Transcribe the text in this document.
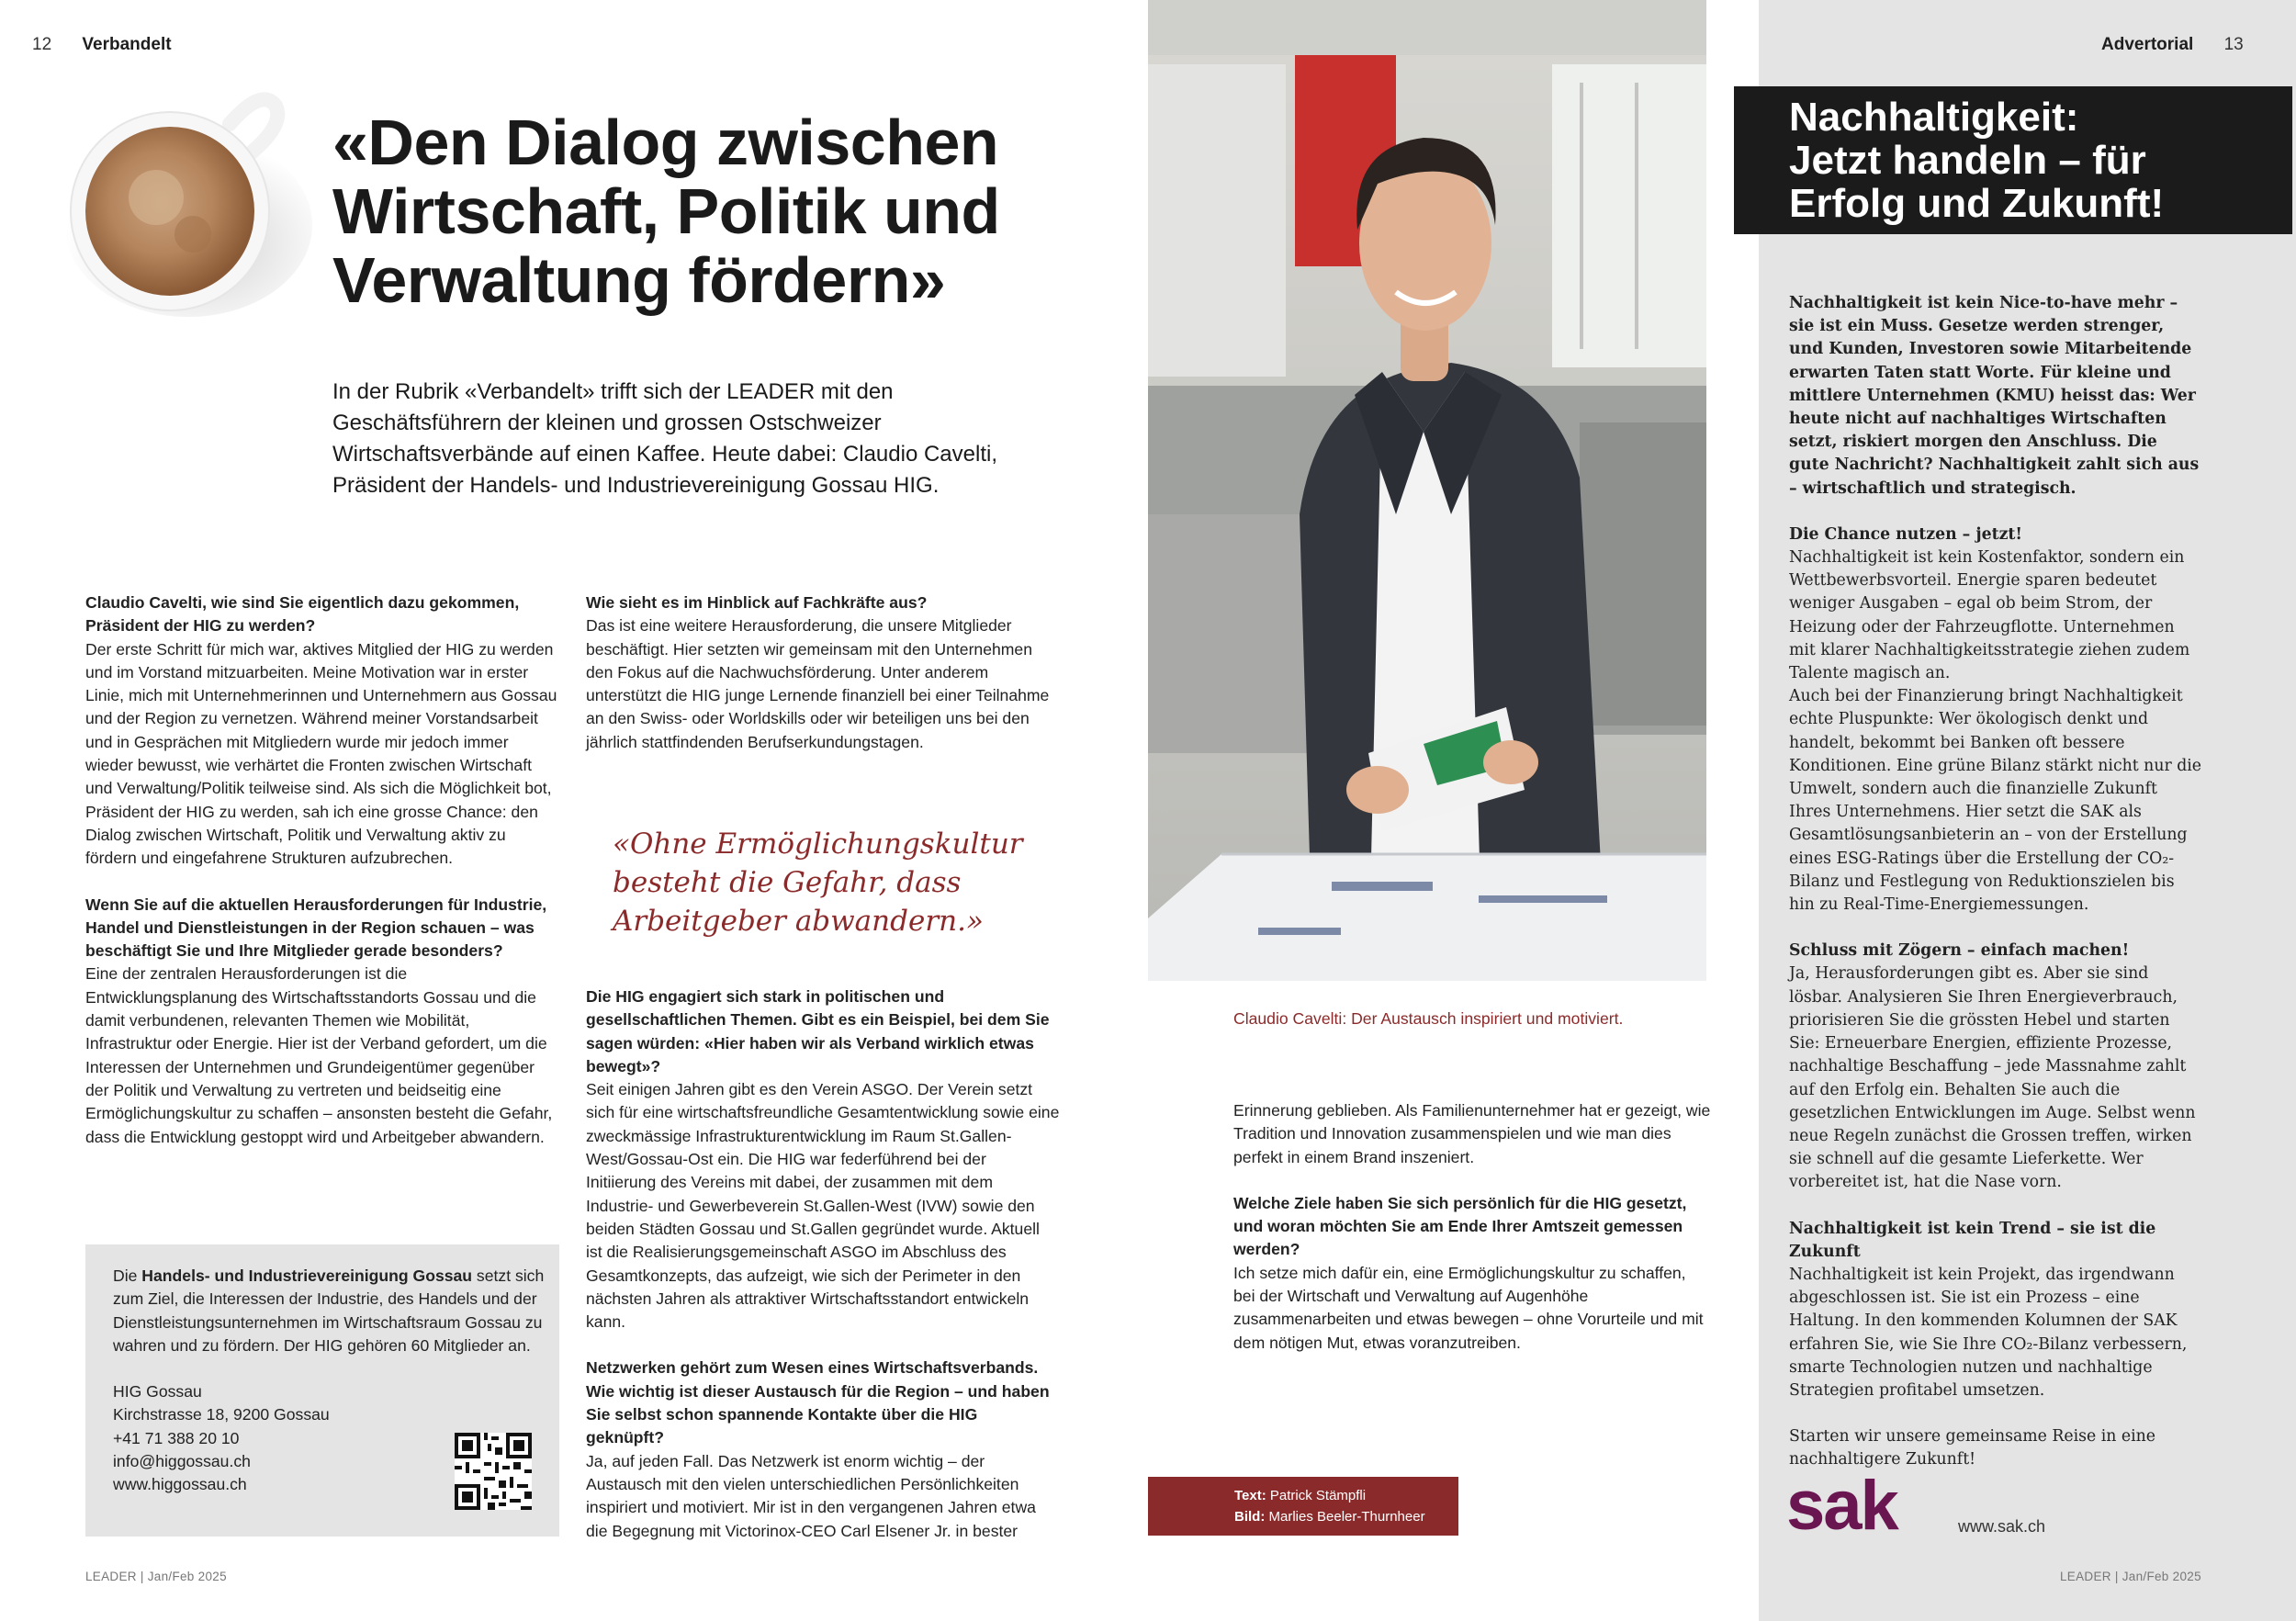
12 Verbandelt	Advertorial 13
«Den Dialog zwischen Wirtschaft, Politik und Verwaltung fördern»
In der Rubrik «Verbandelt» trifft sich der LEADER mit den Geschäftsführern der kleinen und grossen Ostschweizer Wirtschaftsverbände auf einen Kaffee. Heute dabei: Claudio Cavelti, Präsident der Handels- und Industrievereinigung Gossau HIG.

Claudio Cavelti, wie sind Sie eigentlich dazu gekommen, Präsident der HIG zu werden?
Der erste Schritt für mich war, aktives Mitglied der HIG zu werden und im Vorstand mitzuarbeiten. Meine Motivation war in erster Linie, mich mit Unternehmerinnen und Unternehmern aus Gossau und der Region zu vernetzen. Während meiner Vorstandsarbeit und in Gesprächen mit Mitgliedern wurde mir jedoch immer wieder bewusst, wie verhärtet die Fronten zwischen Wirtschaft und Verwaltung/Politik teilweise sind. Als sich die Möglichkeit bot, Präsident der HIG zu werden, sah ich eine grosse Chance: den Dialog zwischen Wirtschaft, Politik und Verwaltung aktiv zu fördern und eingefahrene Strukturen aufzubrechen.

Wenn Sie auf die aktuellen Herausforderungen für Industrie, Handel und Dienstleistungen in der Region schauen – was beschäftigt Sie und Ihre Mitglieder gerade besonders?
Eine der zentralen Herausforderungen ist die Entwicklungsplanung des Wirtschaftsstandorts Gossau und die damit verbundenen, relevanten Themen wie Mobilität, Infrastruktur oder Energie. Hier ist der Verband gefordert, um die Interessen der Unternehmen und Grundeigentümer gegenüber der Politik und Verwaltung zu vertreten und beidseitig eine Ermöglichungskultur zu schaffen – ansonsten besteht die Gefahr, dass die Entwicklung gestoppt wird und Arbeitgeber abwandern.

Die Handels- und Industrievereinigung Gossau setzt sich zum Ziel, die Interessen der Industrie, des Handels und der Dienstleistungsunternehmen im Wirtschaftsraum Gossau zu wahren und zu fördern. Der HIG gehören 60 Mitglieder an.
HIG Gossau
Kirchstrasse 18, 9200 Gossau
+41 71 388 20 10
info@higgossau.ch
www.higgossau.ch

Wie sieht es im Hinblick auf Fachkräfte aus?
Das ist eine weitere Herausforderung, die unsere Mitglieder beschäftigt. Hier setzten wir gemeinsam mit den Unternehmen den Fokus auf die Nachwuchsförderung. Unter anderem unterstützt die HIG junge Lernende finanziell bei einer Teilnahme an den Swiss- oder Worldskills oder wir beteiligen uns bei den jährlich stattfindenden Berufserkundungstagen.

«Ohne Ermöglichungskultur besteht die Gefahr, dass Arbeitgeber abwandern.»

Die HIG engagiert sich stark in politischen und gesellschaftlichen Themen. Gibt es ein Beispiel, bei dem Sie sagen würden: «Hier haben wir als Verband wirklich etwas bewegt»?
Seit einigen Jahren gibt es den Verein ASGO. Der Verein setzt sich für eine wirtschaftsfreundliche Gesamtentwicklung sowie eine zweckmässige Infrastrukturentwicklung im Raum St.Gallen-West/Gossau-Ost ein. Die HIG war federführend bei der Initiierung des Vereins mit dabei, der zusammen mit dem Industrie- und Gewerbeverein St.Gallen-West (IVW) sowie den beiden Städten Gossau und St.Gallen gegründet wurde. Aktuell ist die Realisierungsgemeinschaft ASGO im Abschluss des Gesamtkonzepts, das aufzeigt, wie sich der Perimeter in den nächsten Jahren als attraktiver Wirtschaftsstandort entwickeln kann.

Netzwerken gehört zum Wesen eines Wirtschaftsverbands. Wie wichtig ist dieser Austausch für die Region – und haben Sie selbst schon spannende Kontakte über die HIG geknüpft?
Ja, auf jeden Fall. Das Netzwerk ist enorm wichtig – der Austausch mit den vielen unterschiedlichen Persönlichkeiten inspiriert und motiviert. Mir ist in den vergangenen Jahren etwa die Begegnung mit Victorinox-CEO Carl Elsener Jr. in bester

Claudio Cavelti: Der Austausch inspiriert und motiviert.

Erinnerung geblieben. Als Familienunternehmer hat er gezeigt, wie Tradition und Innovation zusammenspielen und wie man dies perfekt in einem Brand inszeniert.

Welche Ziele haben Sie sich persönlich für die HIG gesetzt, und woran möchten Sie am Ende Ihrer Amtszeit gemessen werden?
Ich setze mich dafür ein, eine Ermöglichungskultur zu schaffen, bei der Wirtschaft und Verwaltung auf Augenhöhe zusammenarbeiten und etwas bewegen – ohne Vorurteile und mit dem nötigen Mut, etwas voranzutreiben.

Text: Patrick Stämpfli
Bild: Marlies Beeler-Thurnheer
Nachhaltigkeit:
Jetzt handeln – für
Erfolg und Zukunft!

Nachhaltigkeit ist kein Nice-to-have mehr – sie ist ein Muss. Gesetze werden strenger, und Kunden, Investoren sowie Mitarbeitende erwarten Taten statt Worte. Für kleine und mittlere Unternehmen (KMU) heisst das: Wer heute nicht auf nachhaltiges Wirtschaften setzt, riskiert morgen den Anschluss. Die gute Nachricht? Nachhaltigkeit zahlt sich aus – wirtschaftlich und strategisch.

Die Chance nutzen – jetzt!
Nachhaltigkeit ist kein Kostenfaktor, sondern ein Wettbewerbsvorteil. Energie sparen bedeutet weniger Ausgaben – egal ob beim Strom, der Heizung oder der Fahrzeugflotte. Unternehmen mit klarer Nachhaltigkeitsstrategie ziehen zudem Talente magisch an.
Auch bei der Finanzierung bringt Nachhaltigkeit echte Pluspunkte: Wer ökologisch denkt und handelt, bekommt bei Banken oft bessere Konditionen. Eine grüne Bilanz stärkt nicht nur die Umwelt, sondern auch die finanzielle Zukunft Ihres Unternehmens. Hier setzt die SAK als Gesamtlösungsanbieterin an – von der Erstellung eines ESG-Ratings über die Erstellung der CO₂-Bilanz und Festlegung von Reduktionszielen bis hin zu Real-Time-Energiemessungen.

Schluss mit Zögern – einfach machen!
Ja, Herausforderungen gibt es. Aber sie sind lösbar. Analysieren Sie Ihren Energieverbrauch, priorisieren Sie die grössten Hebel und starten Sie: Erneuerbare Energien, effiziente Prozesse, nachhaltige Beschaffung – jede Massnahme zahlt auf den Erfolg ein. Behalten Sie auch die gesetzlichen Entwicklungen im Auge. Selbst wenn neue Regeln zunächst die Grossen treffen, wirken sie schnell auf die gesamte Lieferkette. Wer vorbereitet ist, hat die Nase vorn.

Nachhaltigkeit ist kein Trend – sie ist die Zukunft
Nachhaltigkeit ist kein Projekt, das irgendwann abgeschlossen ist. Sie ist ein Prozess – eine Haltung. In den kommenden Kolumnen der SAK erfahren Sie, wie Sie Ihre CO₂-Bilanz verbessern, smarte Technologien nutzen und nachhaltige Strategien profitabel umsetzen.

Starten wir unsere gemeinsame Reise in eine nachhaltigere Zukunft!

sak	www.sak.ch
LEADER | Jan/Feb 2025	LEADER | Jan/Feb 2025
